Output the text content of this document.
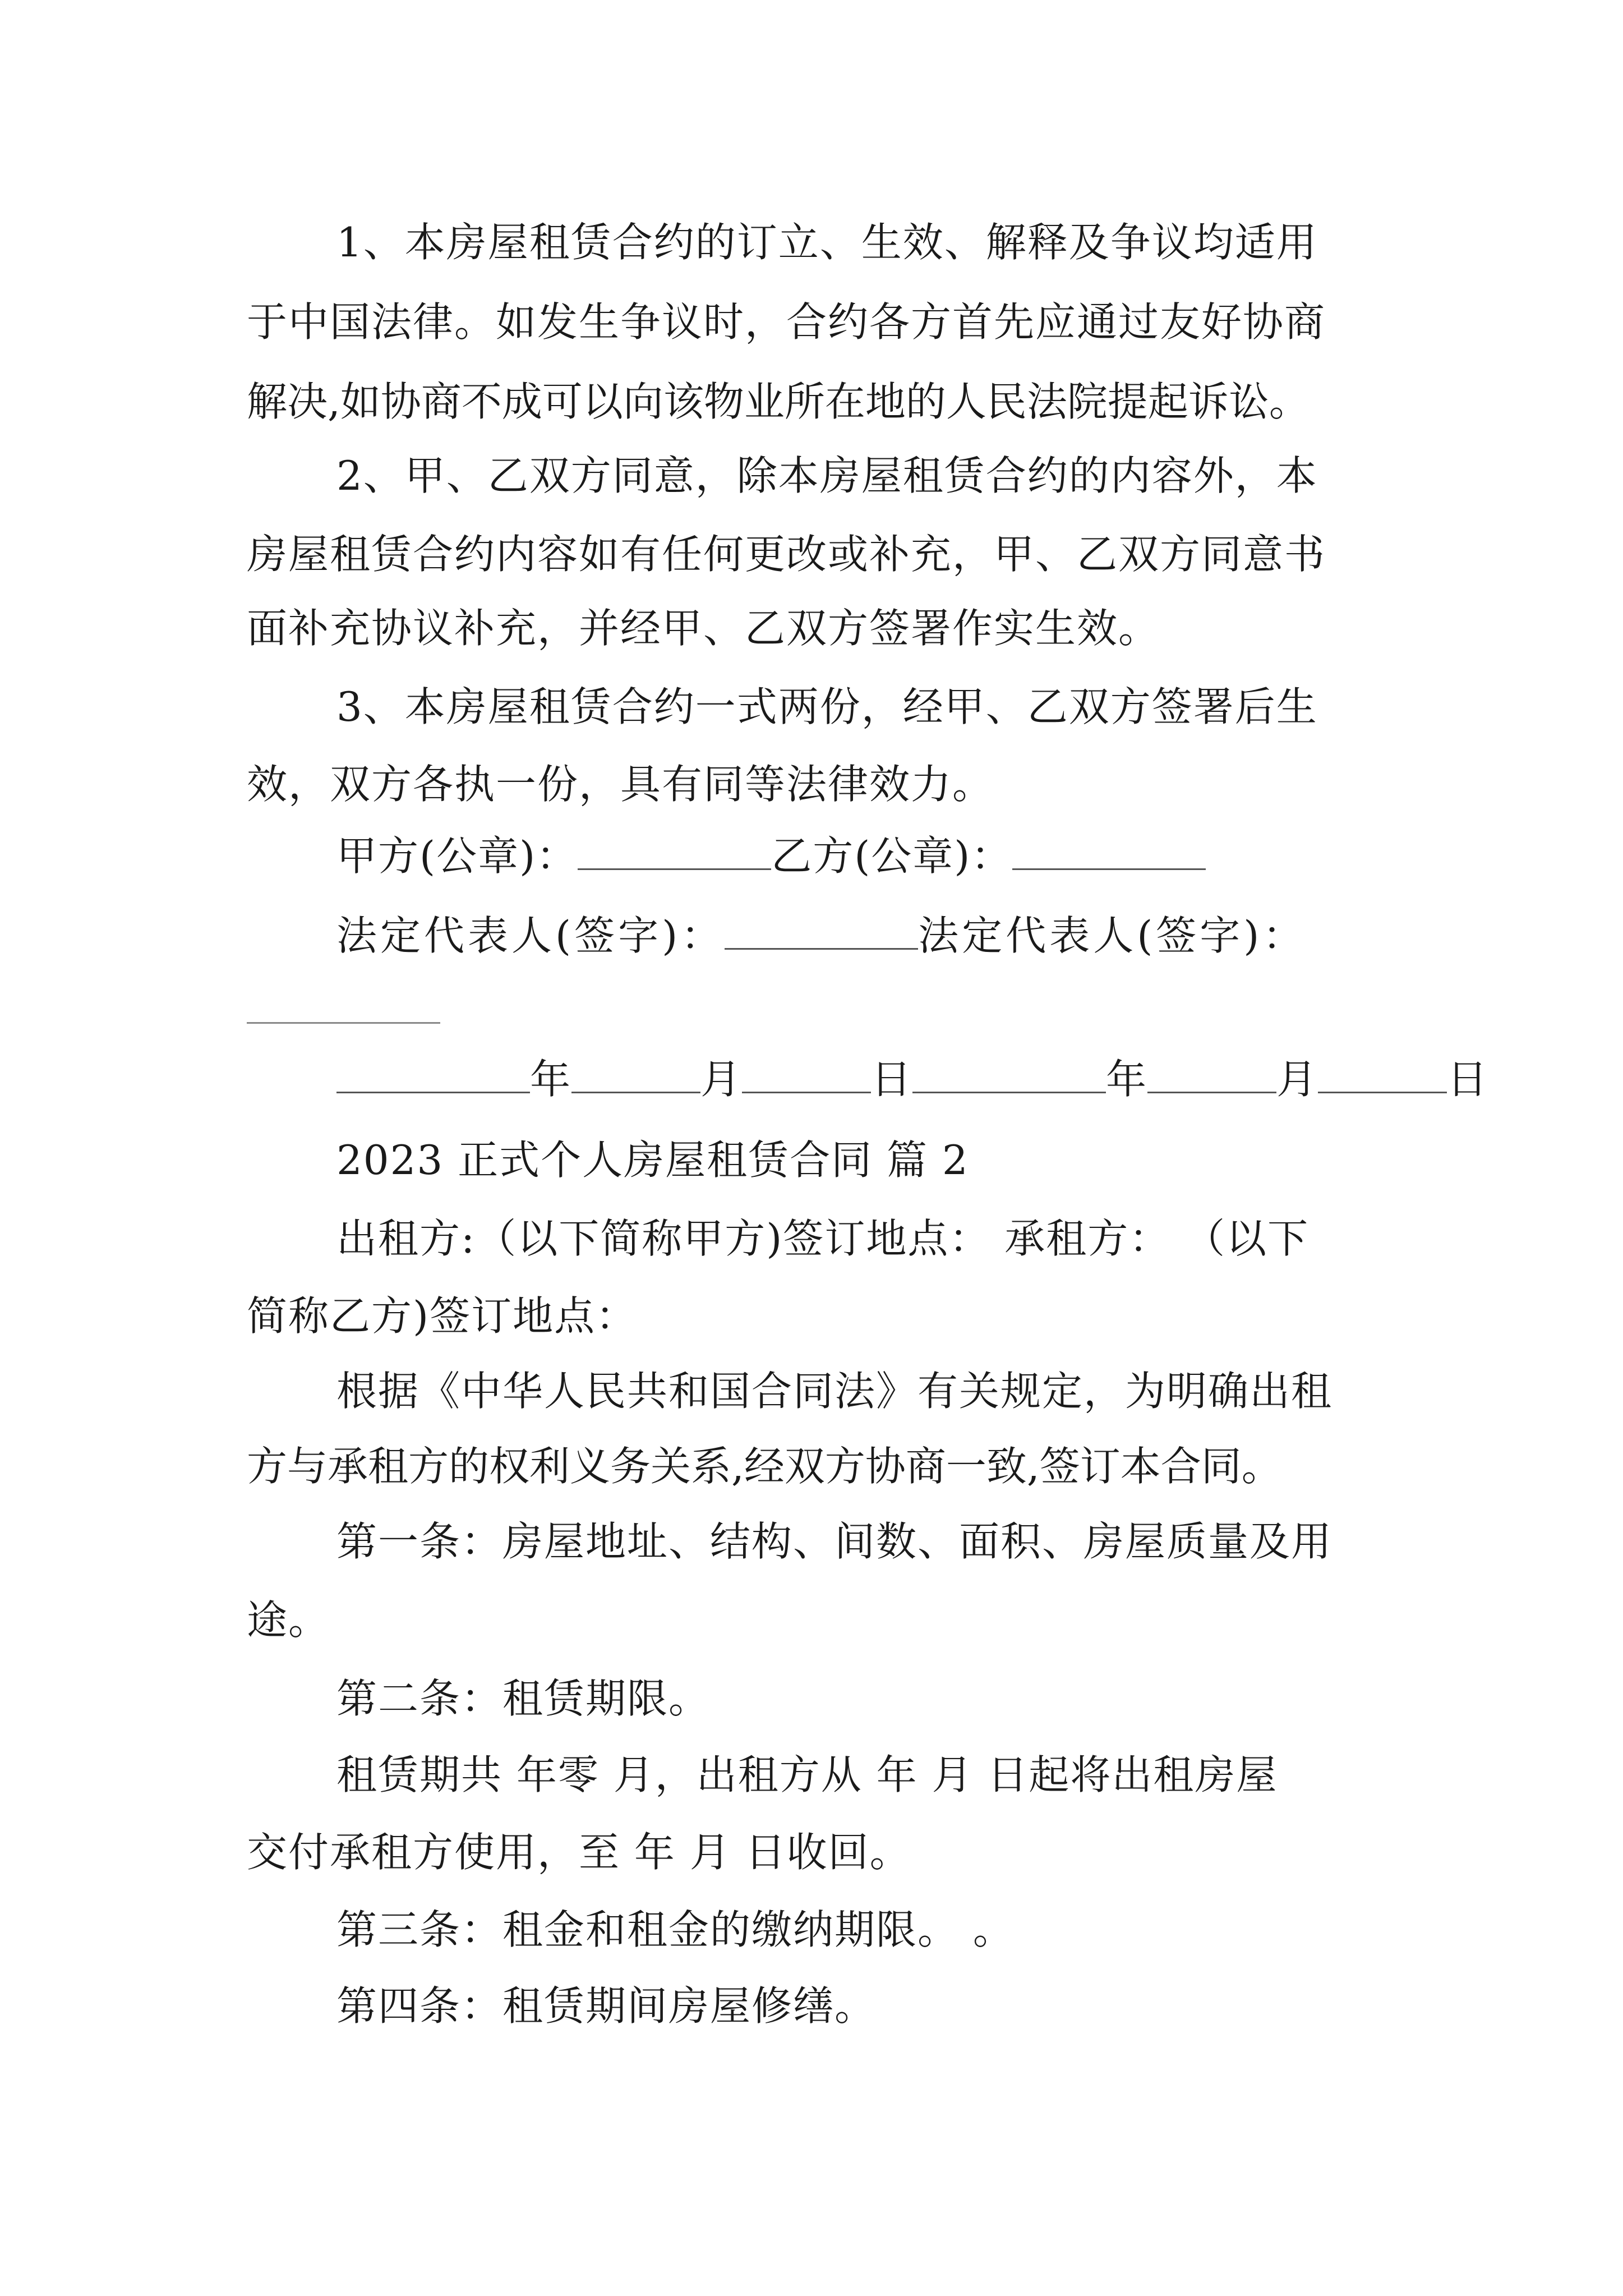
1、本房屋租赁合约的订立、生效、解释及争议均适用
于中国法律。如发生争议时，合约各方首先应通过友好协商
解决,如协商不成可以向该物业所在地的人民法院提起诉讼。
2、甲、乙双方同意，除本房屋租赁合约的内容外，本
房屋租赁合约内容如有任何更改或补充，甲、乙双方同意书
面补充协议补充，并经甲、乙双方签署作实生效。
3、本房屋租赁合约一式两份，经甲、乙双方签署后生
效，双方各执一份，具有同等法律效力。
甲方(公章)：	乙方(公章)：
法定代表人(签字)：	法定代表人(签字)：
年	月	日	年	月	日
2023 正式个人房屋租赁合同 篇 2
出租方:（以下简称甲方)签订地点： 承租方： （以下
简称乙方)签订地点：
根据《中华人民共和国合同法》有关规定，为明确出租
方与承租方的权利义务关系,经双方协商一致,签订本合同。
第一条：房屋地址、结构、间数、面积、房屋质量及用
途。
第二条：租赁期限。
租赁期共 年零 月，出租方从 年 月 日起将出租房屋
交付承租方使用，至 年 月 日收回。
第三条：租金和租金的缴纳期限。 。
第四条：租赁期间房屋修缮。
